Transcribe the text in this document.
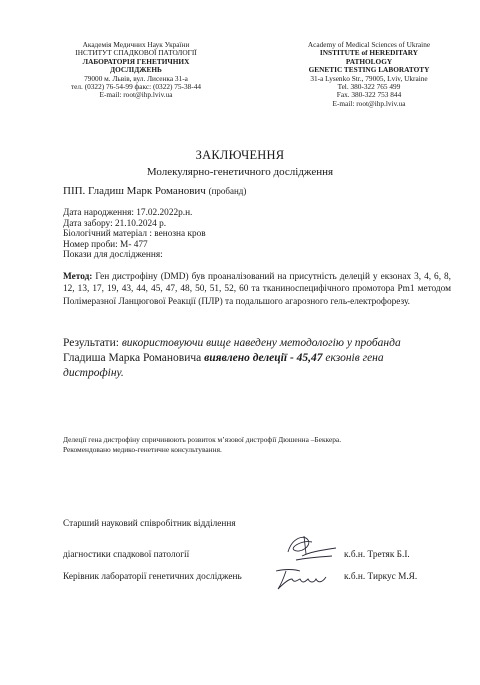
Академія Медичних Наук України
ІНСТИТУТ СПАДКОВОЇ ПАТОЛОГІЇ
ЛАБОРАТОРІЯ ГЕНЕТИЧНИХ
ДОСЛІДЖЕНЬ
79000 м. Львів, вул. Лисенка 31-а
тел. (0322) 76-54-99 факс: (0322) 75-38-44
E-mail: root@ihp.lviv.ua
Academy of Medical Sciences of Ukraine
INSTITUTE of HEREDITARY
PATHOLOGY
GENETIC TESTING LABORATOTY
31-a Lysenko Str., 79005, Lviv, Ukraine
Tel. 380-322 765 499
Fax. 380-322 753 844
E-mail: root@ihp.lviv.ua
ЗАКЛЮЧЕННЯ
Молекулярно-генетичного дослідження
ПІП. Гладиш Марк Романович (пробанд)
Дата народження: 17.02.2022р.н.
Дата забору: 21.10.2024 р.
Біологічний матеріал : венозна кров
Номер проби: М- 477
Покази для дослідження:
Метод: Ген дистрофіну (DMD) був проаналізований на присутність делецій у екзонах 3, 4, 6, 8, 12, 13, 17, 19, 43, 44, 45, 47, 48, 50, 51, 52, 60 та тканиноспецифічного промотора Pm1 методом Полімеразної Ланцюгової Реакції (ПЛР) та подальшого агарозного гель-електрофорезу.
Результати: використовуючи вище наведену методологію у пробанда
Гладиша Марка Романовича виявлено делеції - 45,47 екзонів гена
дистрофіну.
Делеції гена дистрофіну спричинюють розвиток м’язової дистрофії Дюшенна –Беккера.
Рекомендовано медико-генетичне консультування.
Старший науковий співробітник відділення
діагностики спадкової патології	к.б.н. Третяк Б.І.
Керівник лабораторії генетичних досліджень	к.б.н. Тиркус М.Я.
